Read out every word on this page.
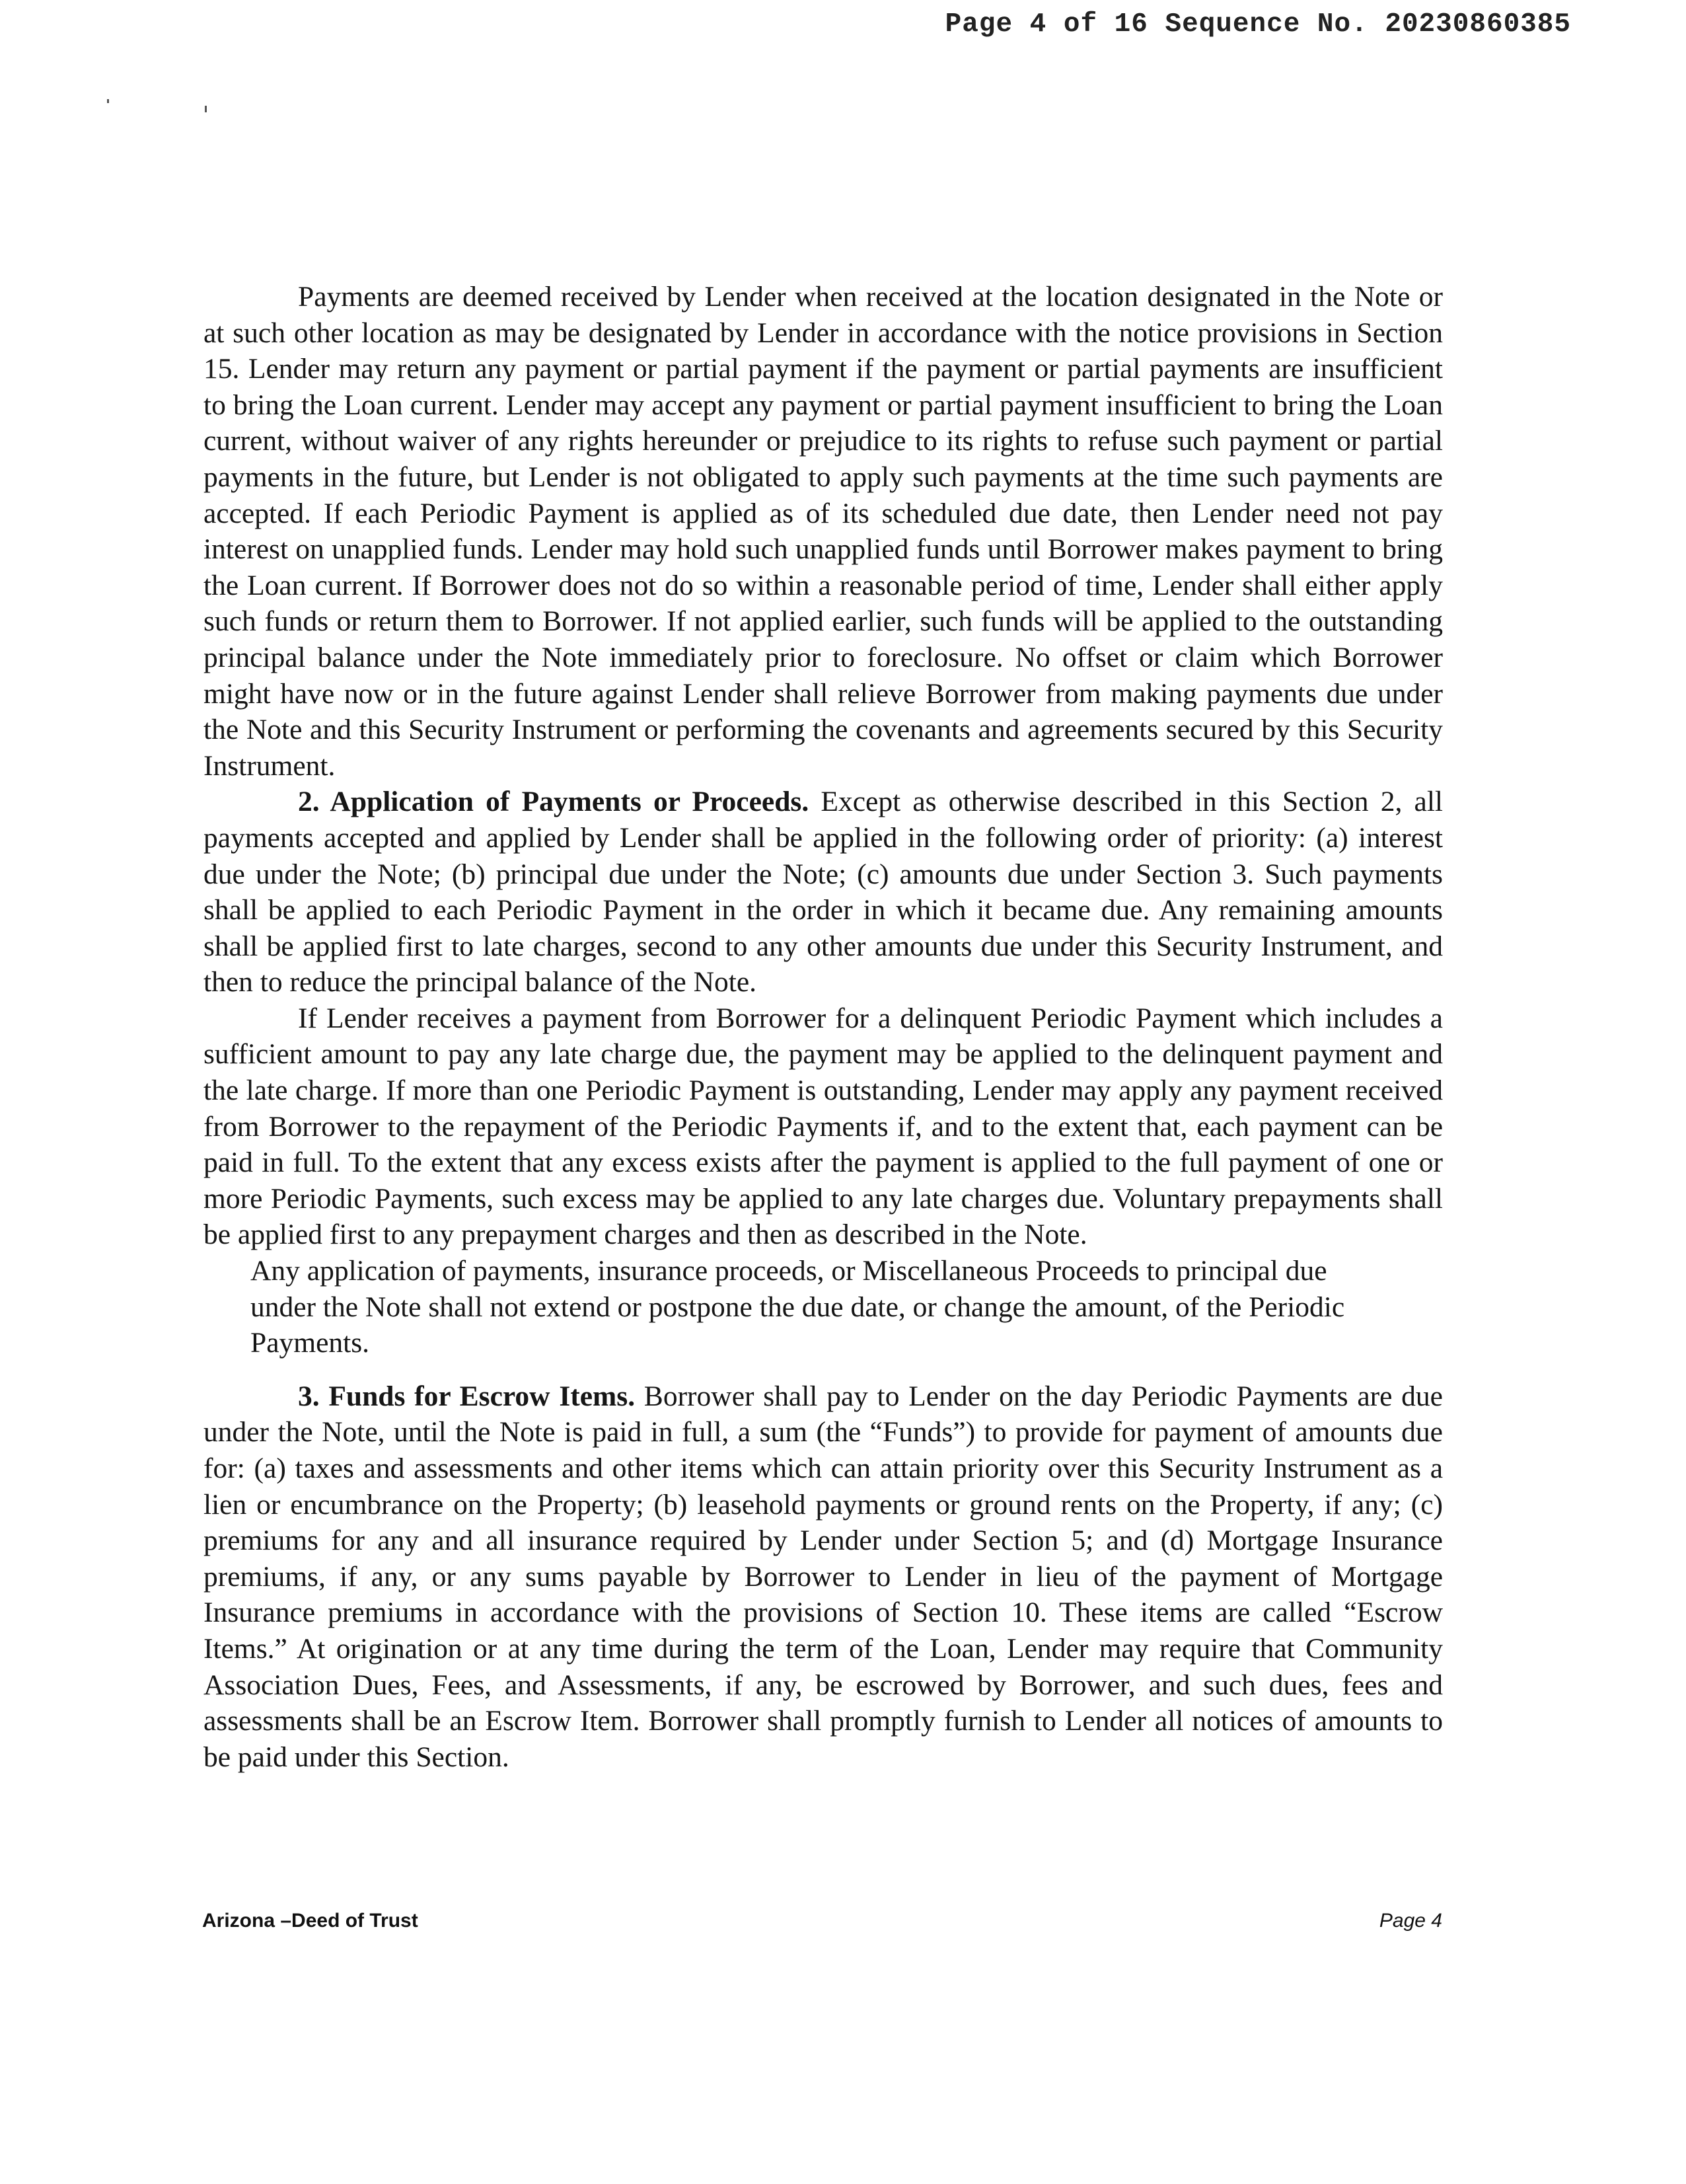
Page 4 of 16 Sequence No. 20230860385

Payments are deemed received by Lender when received at the location designated in the Note or at such other location as may be designated by Lender in accordance with the notice provisions in Section 15. Lender may return any payment or partial payment if the payment or partial payments are insufficient to bring the Loan current. Lender may accept any payment or partial payment insufficient to bring the Loan current, without waiver of any rights hereunder or prejudice to its rights to refuse such payment or partial payments in the future, but Lender is not obligated to apply such payments at the time such payments are accepted. If each Periodic Payment is applied as of its scheduled due date, then Lender need not pay interest on unapplied funds. Lender may hold such unapplied funds until Borrower makes payment to bring the Loan current. If Borrower does not do so within a reasonable period of time, Lender shall either apply such funds or return them to Borrower. If not applied earlier, such funds will be applied to the outstanding principal balance under the Note immediately prior to foreclosure. No offset or claim which Borrower might have now or in the future against Lender shall relieve Borrower from making payments due under the Note and this Security Instrument or performing the covenants and agreements secured by this Security Instrument.

2. Application of Payments or Proceeds. Except as otherwise described in this Section 2, all payments accepted and applied by Lender shall be applied in the following order of priority: (a) interest due under the Note; (b) principal due under the Note; (c) amounts due under Section 3. Such payments shall be applied to each Periodic Payment in the order in which it became due. Any remaining amounts shall be applied first to late charges, second to any other amounts due under this Security Instrument, and then to reduce the principal balance of the Note.

If Lender receives a payment from Borrower for a delinquent Periodic Payment which includes a sufficient amount to pay any late charge due, the payment may be applied to the delinquent payment and the late charge. If more than one Periodic Payment is outstanding, Lender may apply any payment received from Borrower to the repayment of the Periodic Payments if, and to the extent that, each payment can be paid in full. To the extent that any excess exists after the payment is applied to the full payment of one or more Periodic Payments, such excess may be applied to any late charges due. Voluntary prepayments shall be applied first to any prepayment charges and then as described in the Note.

Any application of payments, insurance proceeds, or Miscellaneous Proceeds to principal due under the Note shall not extend or postpone the due date, or change the amount, of the Periodic Payments.

3. Funds for Escrow Items. Borrower shall pay to Lender on the day Periodic Payments are due under the Note, until the Note is paid in full, a sum (the “Funds”) to provide for payment of amounts due for: (a) taxes and assessments and other items which can attain priority over this Security Instrument as a lien or encumbrance on the Property; (b) leasehold payments or ground rents on the Property, if any; (c) premiums for any and all insurance required by Lender under Section 5; and (d) Mortgage Insurance premiums, if any, or any sums payable by Borrower to Lender in lieu of the payment of Mortgage Insurance premiums in accordance with the provisions of Section 10. These items are called “Escrow Items.” At origination or at any time during the term of the Loan, Lender may require that Community Association Dues, Fees, and Assessments, if any, be escrowed by Borrower, and such dues, fees and assessments shall be an Escrow Item. Borrower shall promptly furnish to Lender all notices of amounts to be paid under this Section.

Arizona –Deed of Trust	Page 4
